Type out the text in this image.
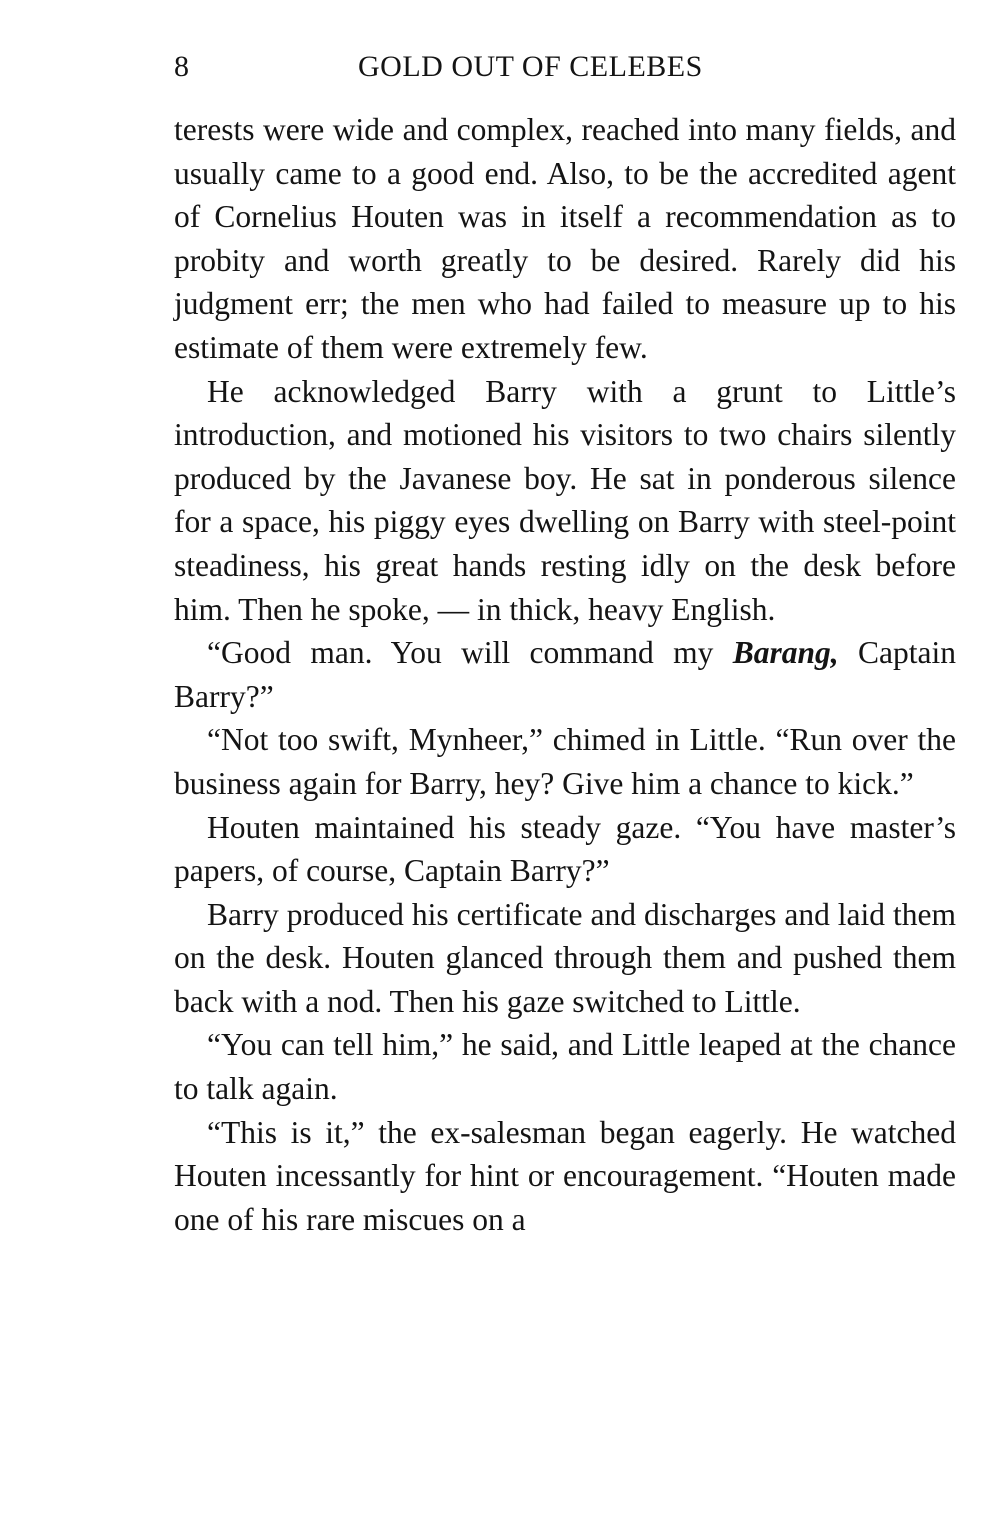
8	GOLD OUT OF CELEBES

terests were wide and complex, reached into many fields, and usually came to a good end. Also, to be the accredited agent of Cornelius Houten was in itself a recommendation as to probity and worth greatly to be desired. Rarely did his judgment err; the men who had failed to measure up to his estimate of them were extremely few.

He acknowledged Barry with a grunt to Little’s introduction, and motioned his visitors to two chairs silently produced by the Javanese boy. He sat in ponderous silence for a space, his piggy eyes dwelling on Barry with steel-point steadiness, his great hands resting idly on the desk before him. Then he spoke, — in thick, heavy English.

“Good man. You will command my Barang, Captain Barry?”

“Not too swift, Mynheer,” chimed in Little. “Run over the business again for Barry, hey? Give him a chance to kick.”

Houten maintained his steady gaze. “You have master’s papers, of course, Captain Barry?”

Barry produced his certificate and discharges and laid them on the desk. Houten glanced through them and pushed them back with a nod. Then his gaze switched to Little.

“You can tell him,” he said, and Little leaped at the chance to talk again.

“This is it,” the ex-salesman began eagerly. He watched Houten incessantly for hint or encouragement. “Houten made one of his rare miscues on a
